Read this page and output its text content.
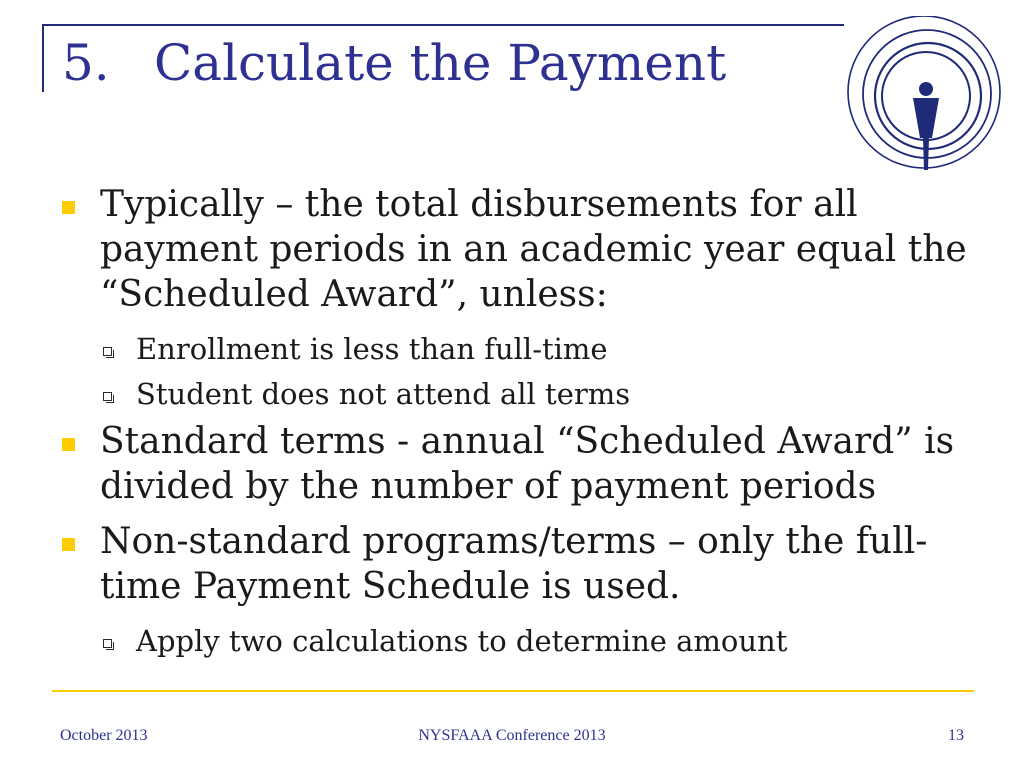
5. Calculate the Payment

Typically – the total disbursements for all payment periods in an academic year equal the “Scheduled Award”, unless:

Enrollment is less than full-time

Student does not attend all terms

Standard terms - annual “Scheduled Award” is divided by the number of payment periods

Non-standard programs/terms – only the full-time Payment Schedule is used.

Apply two calculations to determine amount

October 2013	NYSFAAA Conference 2013	13
